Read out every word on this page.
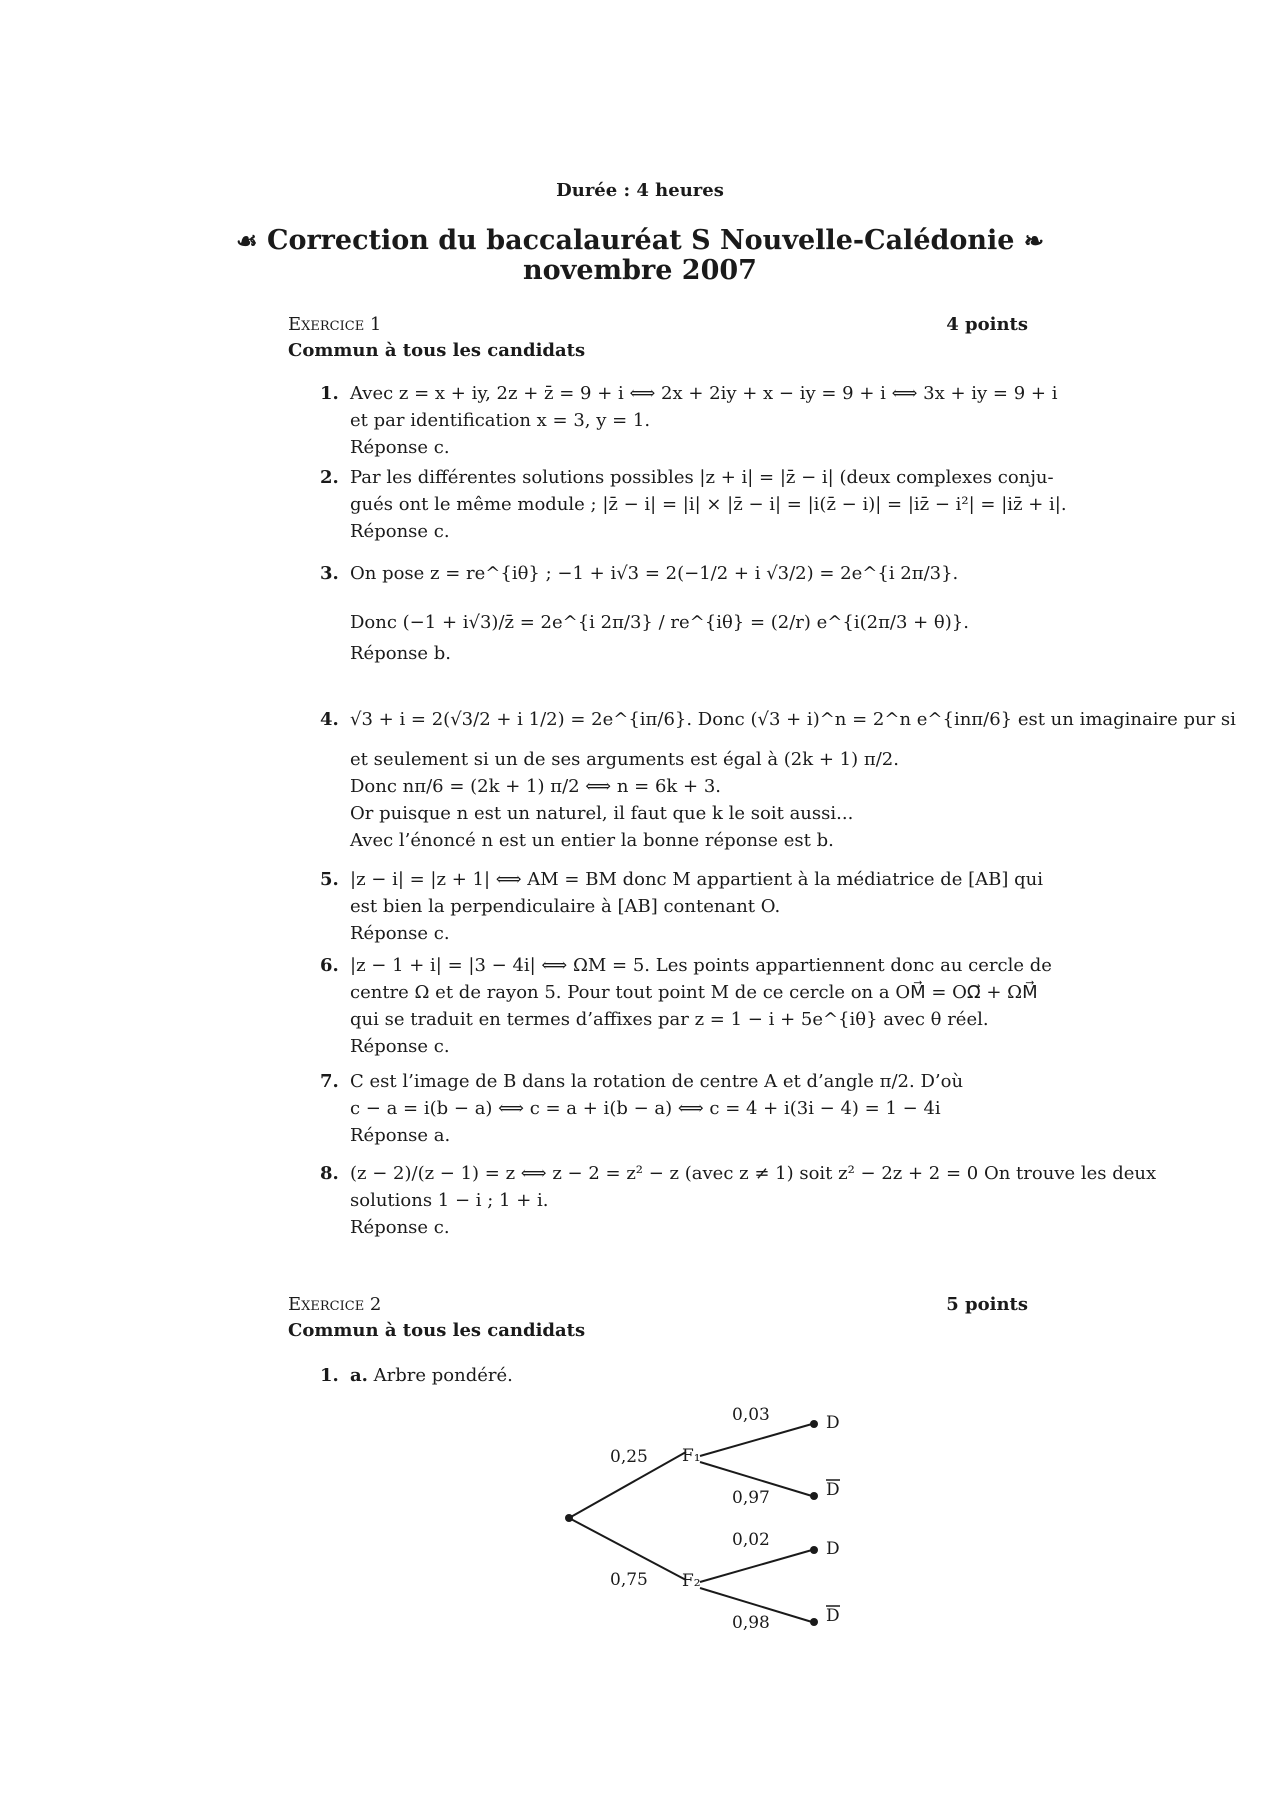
Durée : 4 heures
☙ Correction du baccalauréat S Nouvelle-Calédonie ❧
novembre 2007
Exercice 1	4 points
Commun à tous les candidats
1. Avec z = x + iy, 2z + z̄ = 9 + i ⟺ 2x + 2iy + x − iy = 9 + i ⟺ 3x + iy = 9 + i
et par identification x = 3, y = 1.
Réponse c.
2. Par les différentes solutions possibles |z + i| = |z̄ − i| (deux complexes conju-
gués ont le même module ; |z̄ − i| = |i| × |z̄ − i| = |i(z̄ − i)| = |iz̄ − i²| = |iz̄ + i|.
Réponse c.
3. On pose z = re^{iθ} ; −1 + i√3 = 2(−1/2 + i √3/2) = 2e^{i 2π/3}.
Donc (−1 + i√3)/z̄ = 2e^{i 2π/3} / re^{iθ} = (2/r) e^{i(2π/3 + θ)}.
Réponse b.
4. √3 + i = 2(√3/2 + i 1/2) = 2e^{iπ/6}. Donc (√3 + i)^n = 2^n e^{inπ/6} est un imaginaire pur si
et seulement si un de ses arguments est égal à (2k + 1) π/2.
Donc nπ/6 = (2k + 1) π/2 ⟺ n = 6k + 3.
Or puisque n est un naturel, il faut que k le soit aussi...
Avec l’énoncé n est un entier la bonne réponse est b.
5. |z − i| = |z + 1| ⟺ AM = BM donc M appartient à la médiatrice de [AB] qui
est bien la perpendiculaire à [AB] contenant O.
Réponse c.
6. |z − 1 + i| = |3 − 4i| ⟺ ΩM = 5. Les points appartiennent donc au cercle de
centre Ω et de rayon 5. Pour tout point M de ce cercle on a OM⃗ = OΩ⃗ + ΩM⃗
qui se traduit en termes d’affixes par z = 1 − i + 5e^{iθ} avec θ réel.
Réponse c.
7. C est l’image de B dans la rotation de centre A et d’angle π/2. D’où
c − a = i(b − a) ⟺ c = a + i(b − a) ⟺ c = 4 + i(3i − 4) = 1 − 4i
Réponse a.
8. (z − 2)/(z − 1) = z ⟺ z − 2 = z² − z (avec z ≠ 1) soit z² − 2z + 2 = 0 On trouve les deux
solutions 1 − i ; 1 + i.
Réponse c.
Exercice 2	5 points
Commun à tous les candidats
1. a. Arbre pondéré.
0,25
0,75
F₁
F₂
0,03
0,97
0,02
0,98
D
D
D
D
